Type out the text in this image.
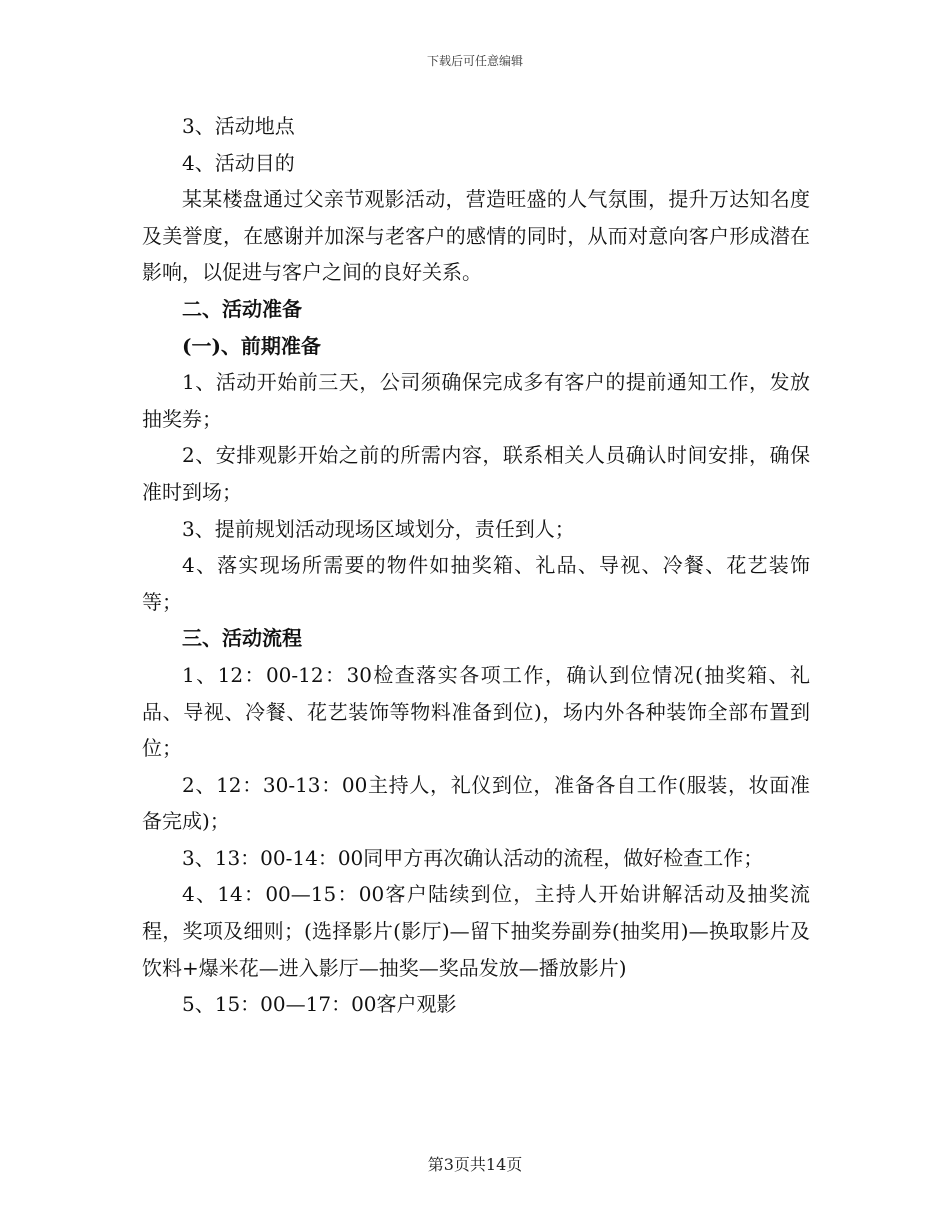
下载后可任意编辑

3、活动地点

4、活动目的

某某楼盘通过父亲节观影活动，营造旺盛的人气氛围，提升万达知名度及美誉度，在感谢并加深与老客户的感情的同时，从而对意向客户形成潜在影响，以促进与客户之间的良好关系。

二、活动准备

(一)、前期准备

1、活动开始前三天，公司须确保完成多有客户的提前通知工作，发放抽奖券；

2、安排观影开始之前的所需内容，联系相关人员确认时间安排，确保准时到场；

3、提前规划活动现场区域划分，责任到人；

4、落实现场所需要的物件如抽奖箱、礼品、导视、冷餐、花艺装饰等；

三、活动流程

1、12：00-12：30检查落实各项工作，确认到位情况(抽奖箱、礼品、导视、冷餐、花艺装饰等物料准备到位)，场内外各种装饰全部布置到位；

2、12：30-13：00主持人，礼仪到位，准备各自工作(服装，妆面准备完成)；

3、13：00-14：00同甲方再次确认活动的流程，做好检查工作；

4、14：00—15：00客户陆续到位，主持人开始讲解活动及抽奖流程，奖项及细则；(选择影片(影厅)—留下抽奖券副券(抽奖用)—换取影片及饮料+爆米花—进入影厅—抽奖—奖品发放—播放影片)

5、15：00—17：00客户观影

第3页共14页
